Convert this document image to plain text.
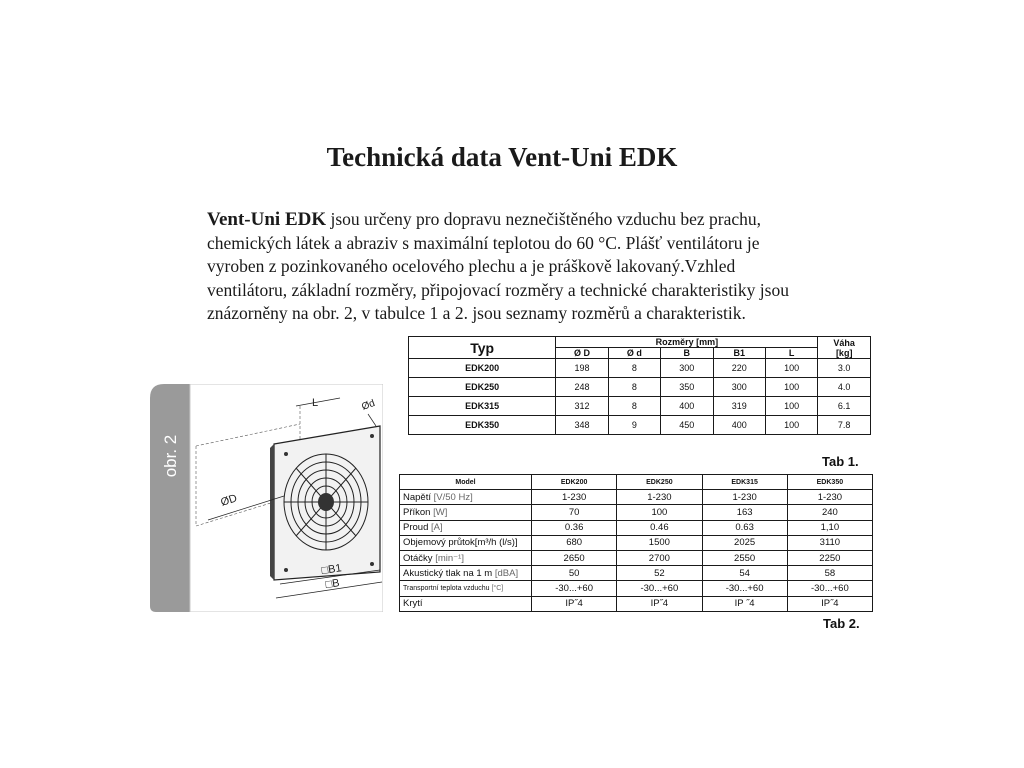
Technická data Vent-Uni EDK

Vent-Uni EDK jsou určeny pro dopravu neznečištěného vzduchu bez prachu, chemických látek a abraziv s maximální teplotou do 60 °C. Plášť ventilátoru je vyroben z pozinkovaného ocelového plechu a je práškově lakovaný.Vzhled ventilátoru, základní rozměry, připojovací rozměry a technické charakteristiky jsou znázorněny na obr. 2, v tabulce 1 a 2. jsou seznamy rozměrů a charakteristik.

obr. 2
L	Ød
ØD
□B1
□B
Typ	Rozměry [mm]					Váha
[kg]
	Ø D	Ø d	B	B1	L	
EDK200	198	8	300	220	100	3.0
EDK250	248	8	350	300	100	4.0
EDK315	312	8	400	319	100	6.1
EDK350	348	9	450	400	100	7.8
Tab 1.
Model	EDK200	EDK250	EDK315	EDK350
Napětí [V/50 Hz]	1-230	1-230	1-230	1-230
Příkon [W]	70	100	163	240
Proud [A]	0.36	0.46	0.63	1,10
Objemový průtok[m³/h (l/s)]	680	1500	2025	3110
Otáčky [min⁻¹]	2650	2700	2550	2250
Akustický tlak na 1 m [dBA]	50	52	54	58
Transportní teplota vzduchu [°C]	-30...+60	-30...+60	-30...+60	-30...+60
Krytí	IP˝4	IP˝4	IP ˝4	IP˝4
Tab 2.
